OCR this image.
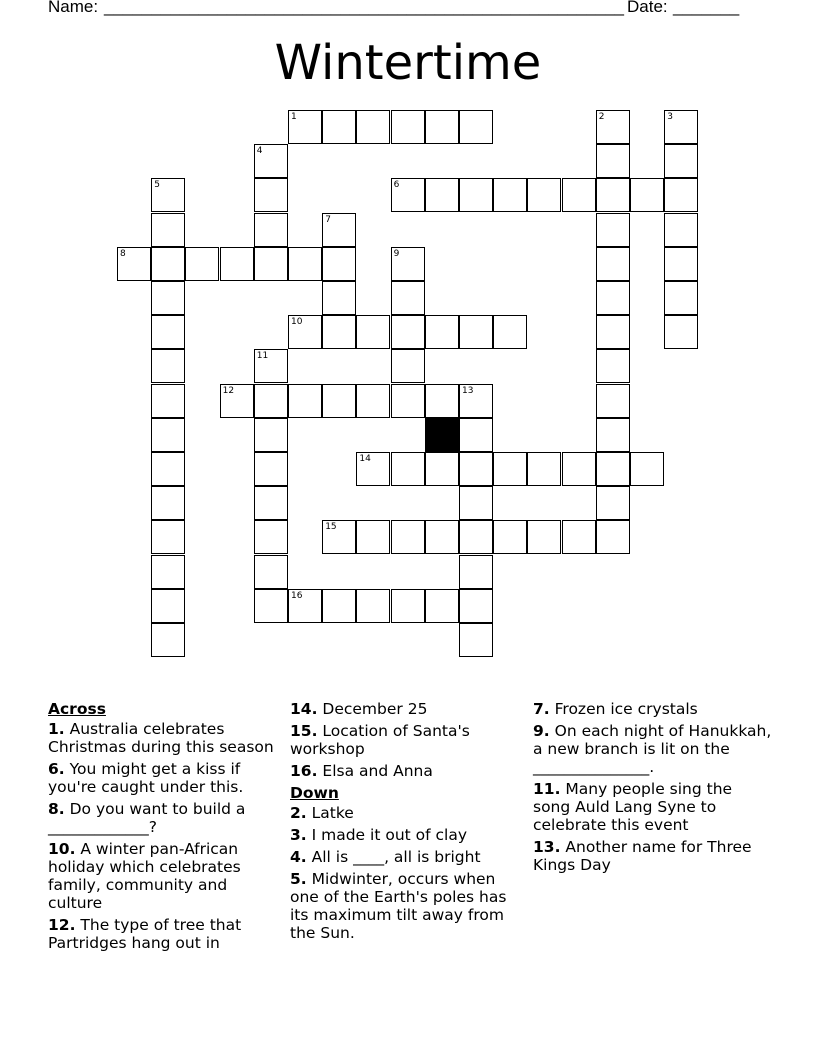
Name: _______________________________________________________ Date: _______
Wintertime
1	2	3
4
5	6
7
8	9
10
11
12	13
14
15
16
Across
1. Australia celebrates Christmas during this season
6. You might get a kiss if you're caught under this.
8. Do you want to build a _____________?
10. A winter pan-African holiday which celebrates family, community and culture
12. The type of tree that Partridges hang out in
14. December 25
15. Location of Santa's workshop
16. Elsa and Anna
Down
2. Latke
3. I made it out of clay
4. All is ____, all is bright
5. Midwinter, occurs when one of the Earth's poles has its maximum tilt away from the Sun.
7. Frozen ice crystals
9. On each night of Hanukkah, a new branch is lit on the _______________.
11. Many people sing the song Auld Lang Syne to celebrate this event
13. Another name for Three Kings Day
